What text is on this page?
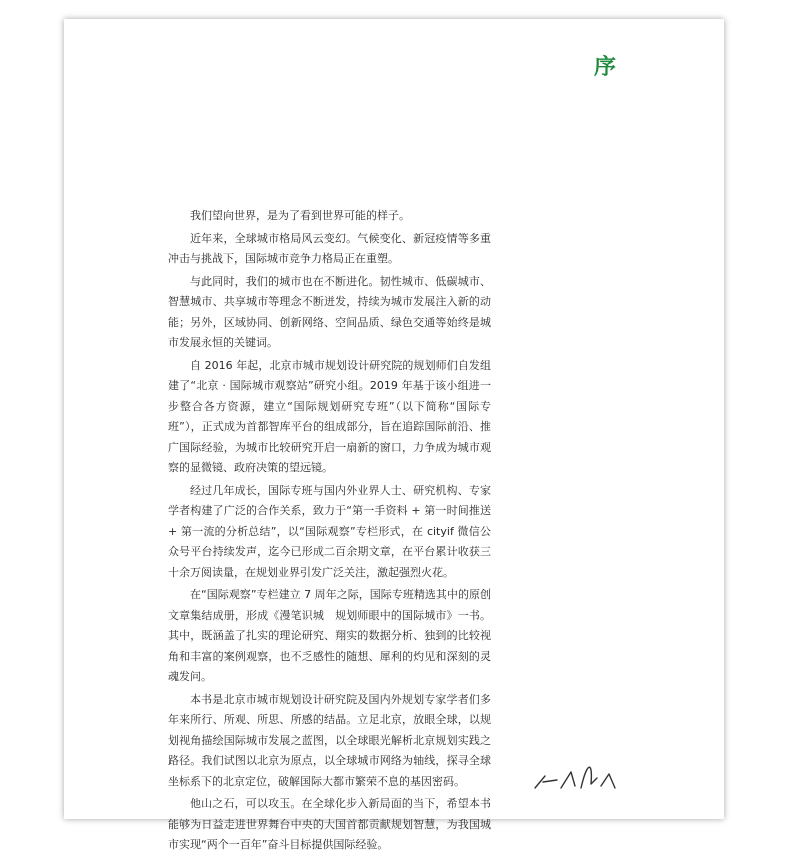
序

我们望向世界，是为了看到世界可能的样子。

近年来，全球城市格局风云变幻。气候变化、新冠疫情等多重冲击与挑战下，国际城市竞争力格局正在重塑。

与此同时，我们的城市也在不断进化。韧性城市、低碳城市、智慧城市、共享城市等理念不断迸发，持续为城市发展注入新的动能；另外，区域协同、创新网络、空间品质、绿色交通等始终是城市发展永恒的关键词。

自 2016 年起，北京市城市规划设计研究院的规划师们自发组建了“北京 · 国际城市观察站”研究小组。2019 年基于该小组进一步整合各方资源，建立“国际规划研究专班”（以下简称“国际专班”），正式成为首都智库平台的组成部分，旨在追踪国际前沿、推广国际经验，为城市比较研究开启一扇新的窗口，力争成为城市观察的显微镜、政府决策的望远镜。

经过几年成长，国际专班与国内外业界人士、研究机构、专家学者构建了广泛的合作关系，致力于“第一手资料 + 第一时间推送 + 第一流的分析总结”，以“国际观察”专栏形式，在 cityif 微信公众号平台持续发声，迄今已形成二百余期文章，在平台累计收获三十余万阅读量，在规划业界引发广泛关注，激起强烈火花。

在“国际观察”专栏建立 7 周年之际，国际专班精选其中的原创文章集结成册，形成《漫笔识城　规划师眼中的国际城市》一书。其中，既涵盖了扎实的理论研究、翔实的数据分析、独到的比较视角和丰富的案例观察，也不乏感性的随想、犀利的灼见和深刻的灵魂发问。

本书是北京市城市规划设计研究院及国内外规划专家学者们多年来所行、所观、所思、所感的结晶。立足北京，放眼全球，以规划视角描绘国际城市发展之蓝图，以全球眼光解析北京规划实践之路径。我们试图以北京为原点，以全球城市网络为轴线，探寻全球坐标系下的北京定位，破解国际大都市繁荣不息的基因密码。

他山之石，可以攻玉。在全球化步入新局面的当下，希望本书能够为日益走进世界舞台中央的大国首都贡献规划智慧，为我国城市实现“两个一百年”奋斗目标提供国际经验。
